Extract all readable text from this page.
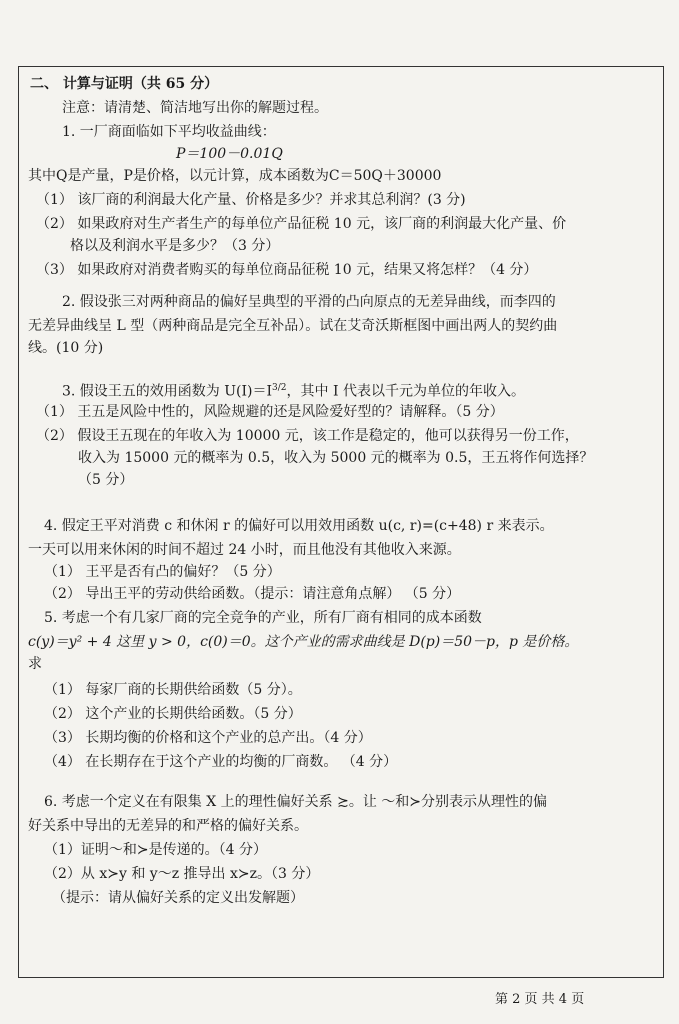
二、 计算与证明（共 65 分）
注意：请清楚、简洁地写出你的解题过程。
1. 一厂商面临如下平均收益曲线：
P＝100－0.01Q
其中Q是产量，P是价格，以元计算，成本函数为C＝50Q＋30000
（1） 该厂商的利润最大化产量、价格是多少？并求其总利润？(3 分)
（2） 如果政府对生产者生产的每单位产品征税 10 元，该厂商的利润最大化产量、价
格以及利润水平是多少？（3 分）
（3） 如果政府对消费者购买的每单位商品征税 10 元，结果又将怎样？（4 分）
2. 假设张三对两种商品的偏好呈典型的平滑的凸向原点的无差异曲线，而李四的
无差异曲线呈 L 型（两种商品是完全互补品）。试在艾奇沃斯框图中画出两人的契约曲
线。(10 分)
3. 假设王五的效用函数为 $U(I)=I^{3/2}$，其中 I 代表以千元为单位的年收入。
（1） 王五是风险中性的，风险规避的还是风险爱好型的？请解释。（5 分）
（2） 假设王五现在的年收入为 10000 元，该工作是稳定的，他可以获得另一份工作，
收入为 15000 元的概率为 0.5，收入为 5000 元的概率为 0.5，王五将作何选择？
（5 分）
4. 假定王平对消费 c 和休闲 r 的偏好可以用效用函数 u(c, r)=(c+48) r 来表示。
一天可以用来休闲的时间不超过 24 小时，而且他没有其他收入来源。
（1） 王平是否有凸的偏好？（5 分）
（2） 导出王平的劳动供给函数。（提示：请注意角点解） （5 分）
5. 考虑一个有几家厂商的完全竞争的产业，所有厂商有相同的成本函数
c(y)＝y² + 4 这里 y > 0，c(0)＝0。这个产业的需求曲线是 D(p)＝50－p，p 是价格。
求
（1） 每家厂商的长期供给函数（5 分）。
（2） 这个产业的长期供给函数。（5 分）
（3） 长期均衡的价格和这个产业的总产出。（4 分）
（4） 在长期存在于这个产业的均衡的厂商数。 （4 分）
6. 考虑一个定义在有限集 X 上的理性偏好关系 ≿。让 ～和≻分别表示从理性的偏
好关系中导出的无差异的和严格的偏好关系。
（1）证明～和≻是传递的。（4 分）
（2）从 x≻y 和 y～z 推导出 x≻z。（3 分）
（提示：请从偏好关系的定义出发解题）
第 2 页 共 4 页
